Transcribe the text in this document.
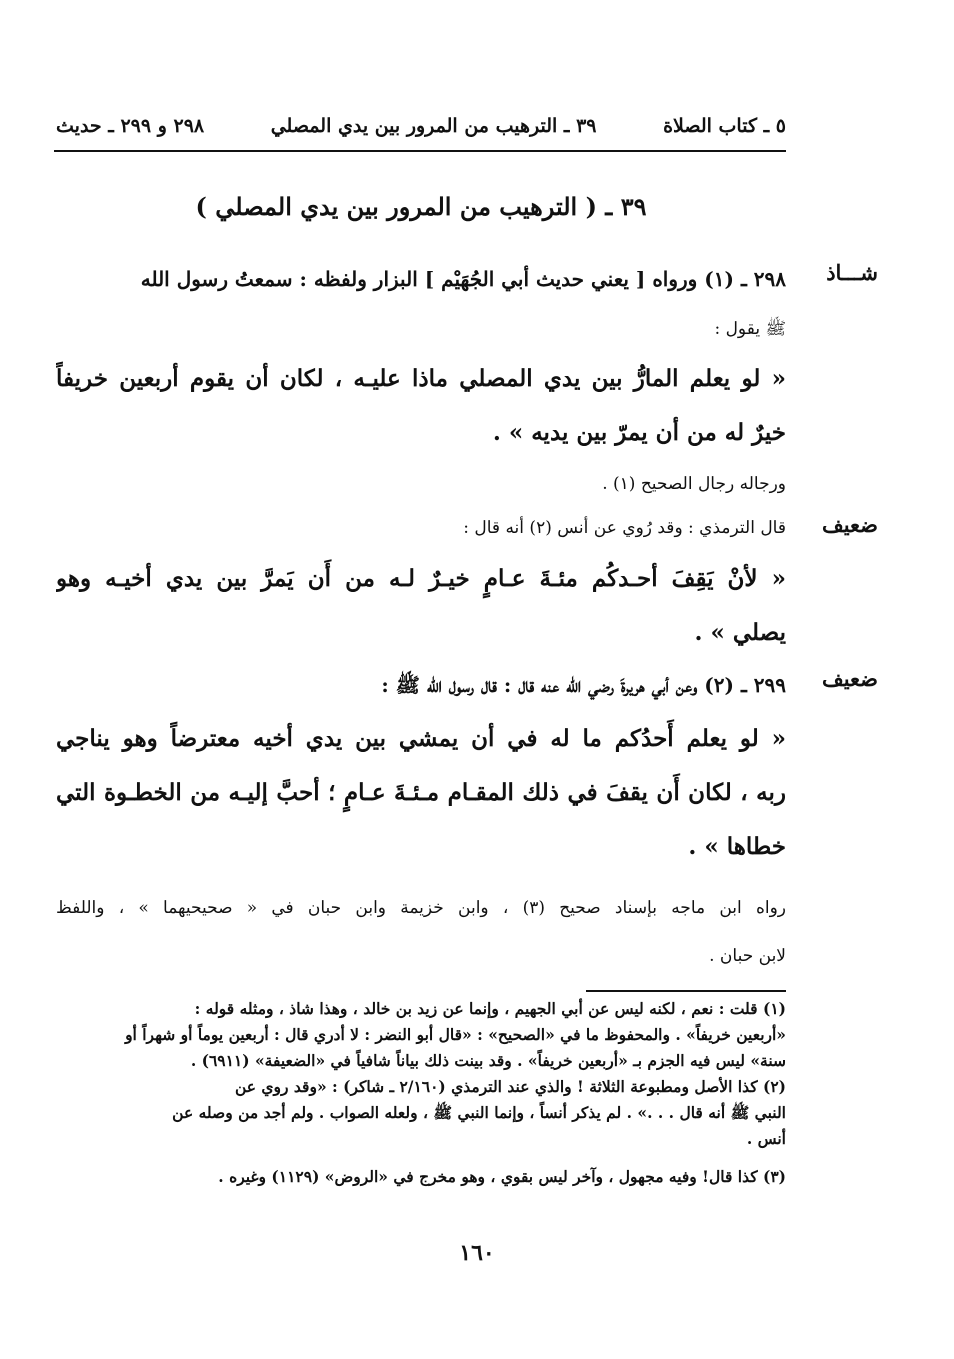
٥ ـ كتاب الصلاة
٣٩ ـ الترهيب من المرور بين يدي المصلي
٢٩٨ و ٢٩٩ ـ حديث
٣٩ ـ ( الترهيب من المرور بين يدي المصلي )
شـــاذ
٢٩٨ ـ (١) ورواه [ يعني حديث أبي الجُهَيْم ] البزار ولفظه : سمعتُ رسول الله
ﷺ يقول :
« لو يعلم المارُّ بين يدي المصلي ماذا عليـه ، لكان أن يقوم أربعين خريفاً
خيرٌ له من أن يمرّ بين يديه » .
ورجاله رجال الصحيح (١) .
ضعيف
قال الترمذي : وقد رُوي عن أنس (٢) أنه قال :
« لأنْ يَقِفَ أحـدكُم مئـةَ عـامٍ خيـرٌ لـه من أَن يَمرَّ بين يدي أخيـه وهو
يصلي » .
ضعيف
٢٩٩ ـ (٢) وعن أبي هريرةَ رضي الله عنه قال : قال رسول الله ﷺ :
« لو يعلم أَحدُكم ما له في أن يمشي بين يدي أخيه معترضاً وهو يناجي
ربه ، لكان أَن يقفَ في ذلك المقـام مـئـةَ عـامٍ ؛ أحبَّ إليـه من الخطـوة التي
خطاها » .
رواه ابن ماجه بإسناد صحيح (٣) ، وابن خزيمة وابن حبان في « صحيحيهما » ، واللفظ
لابن حبان .
(١) قلت : نعم ، لكنه ليس عن أبي الجهيم ، وإنما عن زيد بن خالد ، وهذا شاذ ، ومثله قوله :
«أربعين خريفاً» . والمحفوظ ما في «الصحيح» : «قال أبو النضر : لا أدري قال : أربعين يوماً أو شهراً أو
سنة» ليس فيه الجزم بـ «أربعين خريفاً» . وقد بينت ذلك بياناً شافياً في «الضعيفة» (٦٩١١) .
(٢) كذا الأصل ومطبوعة الثلاثة ! والذي عند الترمذي (٢/١٦٠ ـ شاكر) : «وقد روي عن
النبي ﷺ أنه قال . . .» . لم يذكر أنساً ، وإنما النبي ﷺ ، ولعله الصواب . ولم أجد من وصله عن
أنس .
(٣) كذا قال! وفيه مجهول ، وآخر ليس بقوي ، وهو مخرج في «الروض» (١١٢٩) وغيره .
١٦٠
